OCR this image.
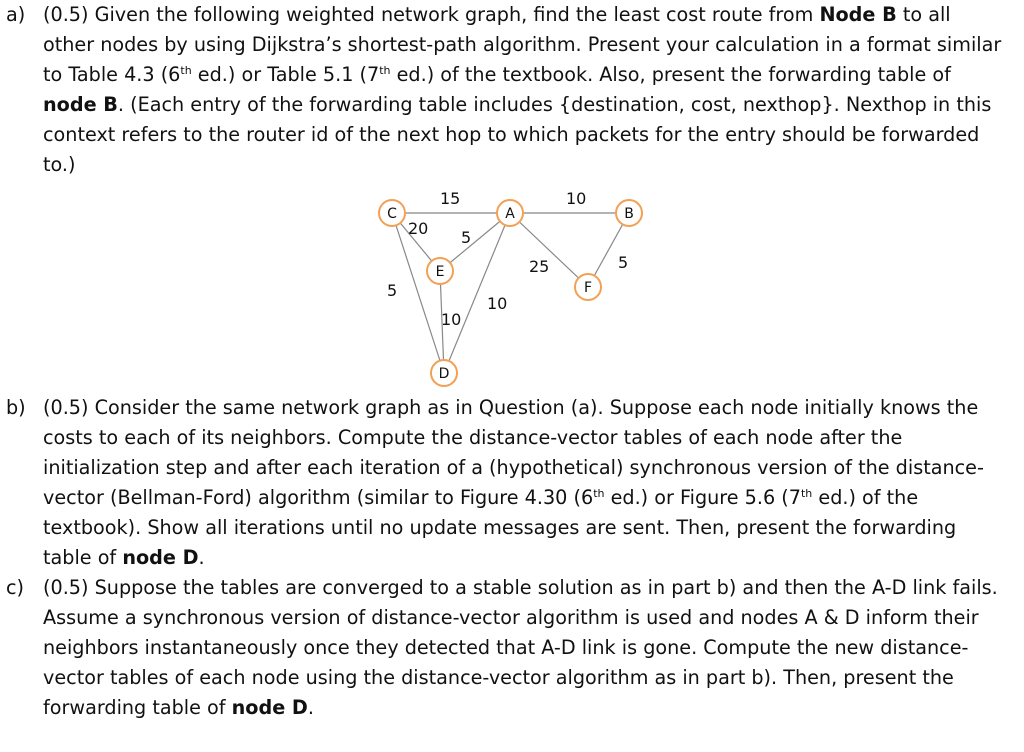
a) (0.5) Given the following weighted network graph, find the least cost route from Node B to all other nodes by using Dijkstra’s shortest-path algorithm. Present your calculation in a format similar to Table 4.3 (6th ed.) or Table 5.1 (7th ed.) of the textbook. Also, present the forwarding table of node B. (Each entry of the forwarding table includes {destination, cost, nexthop}. Nexthop in this context refers to the router id of the next hop to which packets for the entry should be forwarded to.)
15	10
20 5
25	5
5
10
10
C	A	B
E
F
D
b) (0.5) Consider the same network graph as in Question (a). Suppose each node initially knows the costs to each of its neighbors. Compute the distance-vector tables of each node after the initialization step and after each iteration of a (hypothetical) synchronous version of the distance-vector (Bellman-Ford) algorithm (similar to Figure 4.30 (6th ed.) or Figure 5.6 (7th ed.) of the textbook). Show all iterations until no update messages are sent. Then, present the forwarding table of node D.
c) (0.5) Suppose the tables are converged to a stable solution as in part b) and then the A-D link fails. Assume a synchronous version of distance-vector algorithm is used and nodes A & D inform their neighbors instantaneously once they detected that A-D link is gone. Compute the new distance-vector tables of each node using the distance-vector algorithm as in part b). Then, present the forwarding table of node D.
